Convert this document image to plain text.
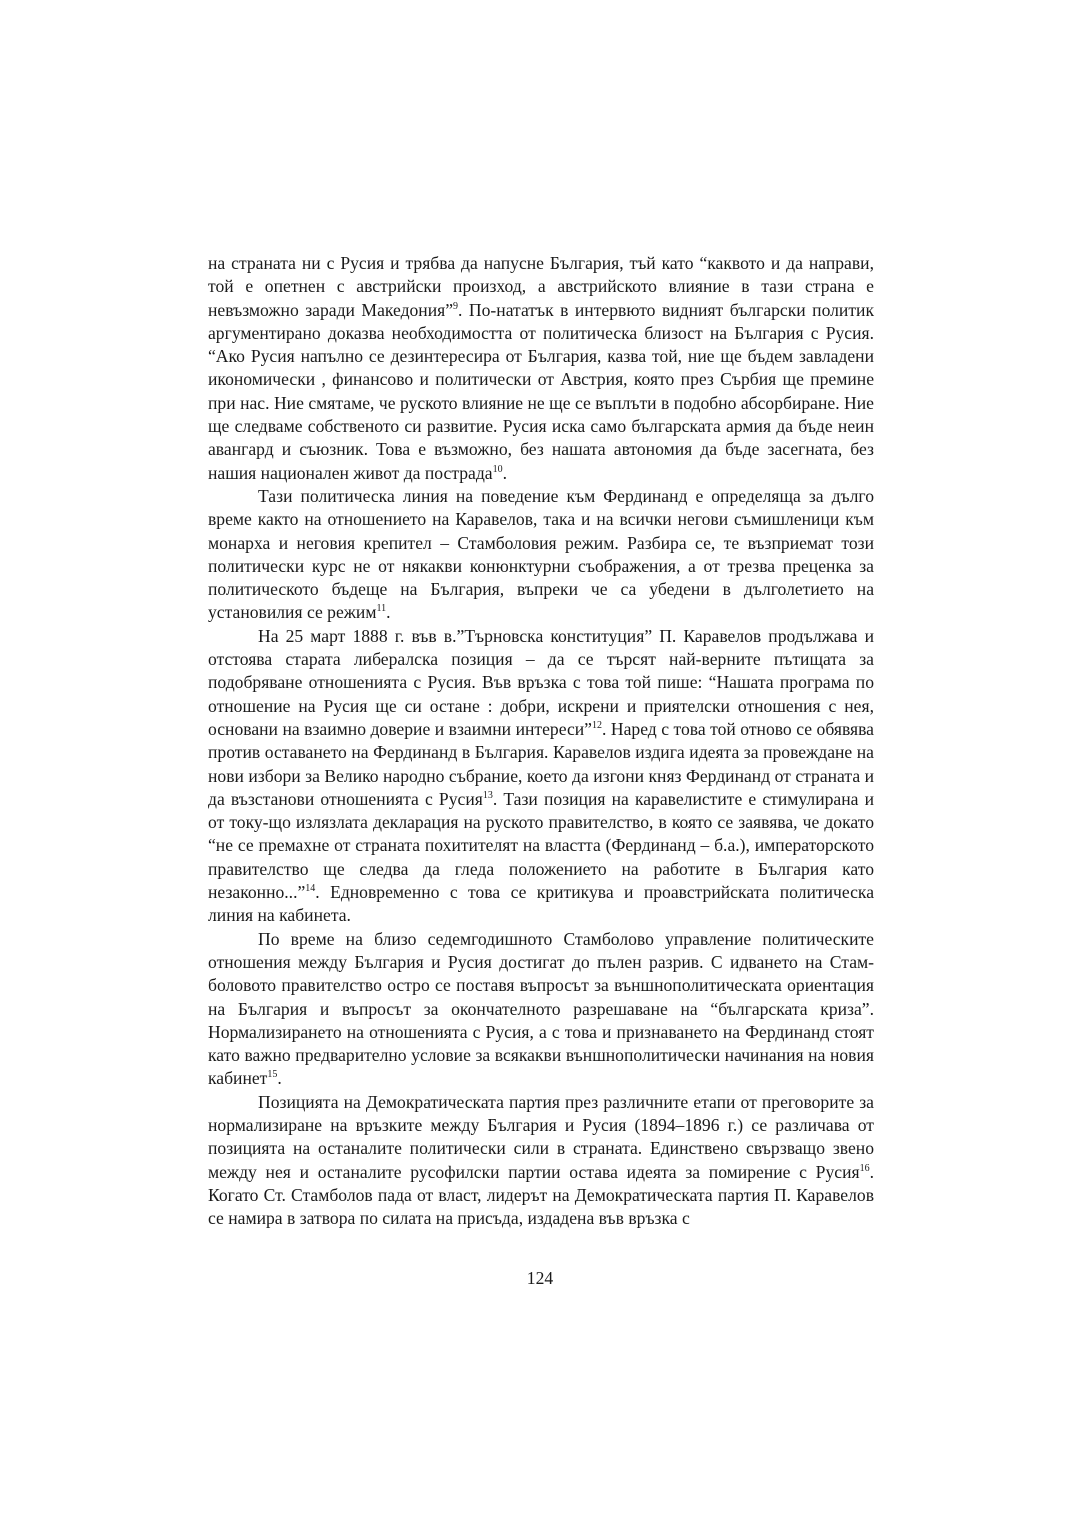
на страната ни с Русия и трябва да напусне България, тъй като “каквото и да направи, той е опетнен с австрийски произход, а австрийското влияние в тази страна е невъзможно заради Македония”$^9$. По-нататък в интервюто видният български политик аргументирано доказва необходимостта от политическа близост на България с Русия. “Ако Русия напълно се дезинтересира от България, казва той, ние ще бъдем завладени икономически , финансово и политически от Австрия, която през Сърбия ще премине при нас. Ние смятаме, че руското влияние не ще се въплъти в подобно абсорбиране. Ние ще следваме собственото си развитие. Русия иска само българската армия да бъде неин авангард и съюзник. Това е възможно, без нашата автономия да бъде засегната, без нашия национален живот да пострада$^{10}$.

Тази политическа линия на поведение към Фердинанд е определяща за дълго време както на отношението на Каравелов, така и на всички негови съмишленици към монарха и неговия крепител – Стамболовия режим. Разбира се, те възприемат този политически курс не от някакви конюнктурни съображения, а от трезва преценка за политическото бъдеще на България, въпреки че са убедени в дълголетието на установилия се режим$^{11}$.

На 25 март 1888 г. във в.”Търновска конституция” П. Каравелов продължава и отстоява старата либералска позиция – да се търсят най-верните пътищата за подобряване отношенията с Русия. Във връзка с това той пише: “Нашата програма по отношение на Русия ще си остане : добри, искрени и приятелски отношения с нея, основани на взаимно доверие и взаимни интереси”$^{12}$. Наред с това той отново се обявява против оставането на Фердинанд в България. Каравелов издига идеята за провеждане на нови избори за Велико народно събрание, което да изгони княз Фердинанд от страната и да възстанови отношенията с Русия$^{13}$. Тази позиция на каравелистите е стимулирана и от току-що излязлата декларация на руското правителство, в която се заявява, че докато “не се премахне от страната похитителят на властта (Фердинанд – б.а.), императорското правителство ще следва да гледа положението на работите в България като незаконно...”$^{14}$. Едновременно с това се критикува и проавстрийската политическа линия на кабинета.

По време на близо седемгодишното Стамболово управление политическите отношения между България и Русия достигат до пълен разрив. С идването на Стамболовото правителство остро се поставя въпросът за външнополитическата ориентация на България и въпросът за окончателното разрешаване на “българската криза”. Нормализирането на отношенията с Русия, а с това и признаването на Фердинанд стоят като важно предварително условие за всякакви външнополитически начинания на новия кабинет$^{15}$.

Позицията на Демократическата партия през различните етапи от преговорите за нормализиране на връзките между България и Русия (1894–1896 г.) се различава от позицията на останалите политически сили в страната. Единствено свързващо звено между нея и останалите русофилски партии остава идеята за помирение с Русия$^{16}$. Когато Ст. Стамболов пада от власт, лидерът на Демократическата партия П. Каравелов се намира в затвора по силата на присъда, издадена във връзка с

124
